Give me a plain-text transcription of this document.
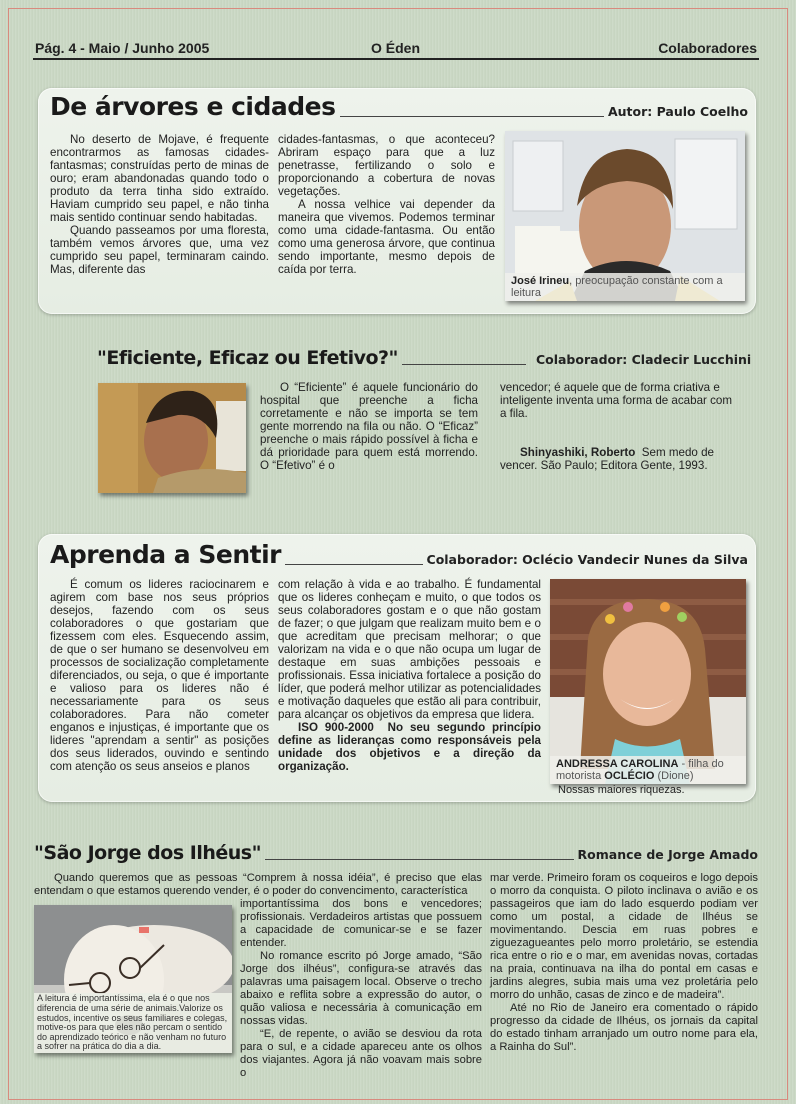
Pág. 4 - Maio / Junho 2005	O Éden	Colaboradores
De árvores e cidades	Autor: Paulo Coelho

No deserto de Mojave, é frequente encontrarmos as famosas cidades-fantasmas; construídas perto de minas de ouro; eram abandonadas quando todo o produto da terra tinha sido extraído. Haviam cumprido seu papel, e não tinha mais sentido continuar sendo habitadas.

Quando passeamos por uma floresta, também vemos árvores que, uma vez cumprido seu papel, terminaram caindo. Mas, diferente das

cidades-fantasmas, o que aconteceu? Abriram espaço para que a luz penetrasse, fertilizando o solo e proporcionando a cobertura de novas vegetações.

A nossa velhice vai depender da maneira que vivemos. Podemos terminar como uma cidade-fantasma. Ou então como uma generosa árvore, que continua sendo importante, mesmo depois de caída por terra.

José Irineu, preocupação constante com a leitura
"Eficiente, Eficaz ou Efetivo?"	Colaborador: Cladecir Lucchini

O “Eficiente” é aquele funcionário do hospital que preenche a ficha corretamente e não se importa se tem gente morrendo na fila ou não. O “Eficaz” preenche o mais rápido possível à ficha e dá prioridade para quem está morrendo. O “Efetivo” é o

vencedor; é aquele que de forma criativa e inteligente inventa uma forma de acabar com a fila.

Shinyashiki, Roberto Sem medo de vencer. São Paulo; Editora Gente, 1993.

Aprenda a Sentir	Colaborador: Oclécio Vandecir Nunes da Silva

É comum os lideres raciocinarem e agirem com base nos seus próprios desejos, fazendo com os seus colaboradores o que gostariam que fizessem com eles. Esquecendo assim, de que o ser humano se desenvolveu em processos de socialização completamente diferenciados, ou seja, o que é importante e valioso para os lideres não é necessariamente para os seus colaboradores. Para não cometer enganos e injustiças, é importante que os lideres "aprendam a sentir" as posições dos seus liderados, ouvindo e sentindo com atenção os seus anseios e planos

com relação à vida e ao trabalho. É fundamental que os lideres conheçam e muito, o que todos os seus colaboradores gostam e o que não gostam de fazer; o que julgam que realizam muito bem e o que acreditam que precisam melhorar; o que valorizam na vida e o que não ocupa um lugar de destaque em suas ambições pessoais e profissionais. Essa iniciativa fortalece a posição do líder, que poderá melhor utilizar as potencialidades e motivação daqueles que estão ali para contribuir, para alcançar os objetivos da empresa que lidera.

ISO 900-2000 No seu segundo princípio define as lideranças como responsáveis pela unidade dos objetivos e a direção da organização.	ANDRESSA CAROLINA - filha do motorista OCLÉCIO (Dione)
Nossas maiores riquezas.
"São Jorge dos Ilhéus"	Romance de Jorge Amado

Quando queremos que as pessoas “Comprem à nossa idéia”, é preciso que elas entendam o que estamos querendo vender, é o poder do convencimento, característica

A leitura é importantíssima, ela é o que nos diferencia de uma série de animais.Valorize os estudos, incentive os seus familiares e colegas, motive-os para que eles não percam o sentido do aprendizado teórico e não venham no futuro a sofrer na prática do dia a dia.

importantíssima dos bons e vencedores; profissionais. Verdadeiros artistas que possuem a capacidade de comunicar-se e se fazer entender.

No romance escrito pó Jorge amado, “São Jorge dos ilhéus”, configura-se através das palavras uma paisagem local. Observe o trecho abaixo e reflita sobre a expressão do autor, o quão valiosa e necessária à comunicação em nossas vidas.

“E, de repente, o avião se desviou da rota para o sul, e a cidade apareceu ante os olhos dos viajantes. Agora já não voavam mais sobre o

mar verde. Primeiro foram os coqueiros e logo depois o morro da conquista. O piloto inclinava o avião e os passageiros que iam do lado esquerdo podiam ver como um postal, a cidade de Ilhéus se movimentando. Descia em ruas pobres e ziguezagueantes pelo morro proletário, se estendia rica entre o rio e o mar, em avenidas novas, cortadas na praia, continuava na ilha do pontal em casas e jardins alegres, subia mais uma vez proletária pelo morro do unhão, casas de zinco e de madeira”.

Até no Rio de Janeiro era comentado o rápido progresso da cidade de Ilhéus, os jornais da capital do estado tinham arranjado um outro nome para ela, a Rainha do Sul”.
